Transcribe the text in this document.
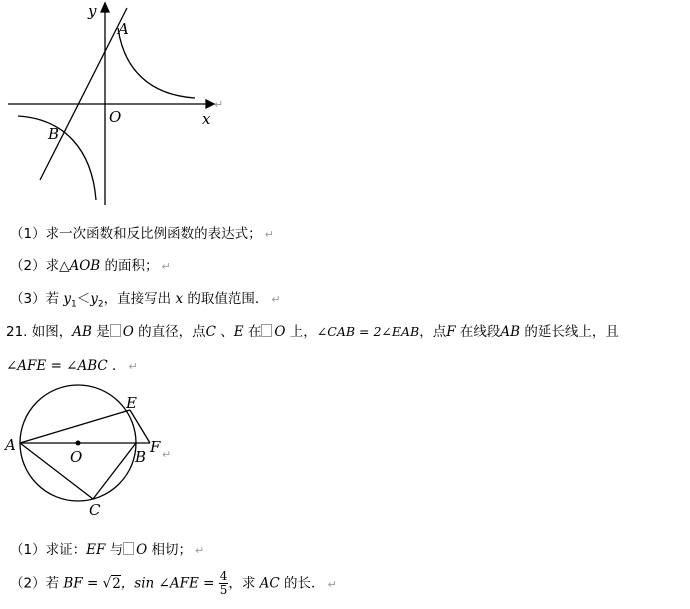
y
A
O	x
B
↵
（1）求一次函数和反比例函数的表达式； ↵
（2）求△AOB 的面积； ↵
（3）若 $y_1<y_2$，直接写出 x 的取值范围． ↵
21. 如图，AB 是 O 的直径，点C 、E 在 O 上，∠CAB = 2∠EAB，点F 在线段AB 的延长线上，且
∠AFE = ∠ABC ． ↵
A
E
O	B
F
C
↵
（1）求证：EF 与 O 相切； ↵
（2）若 BF = √2，sin ∠AFE = $\frac{4}{5}$ ，求 AC 的长． ↵
